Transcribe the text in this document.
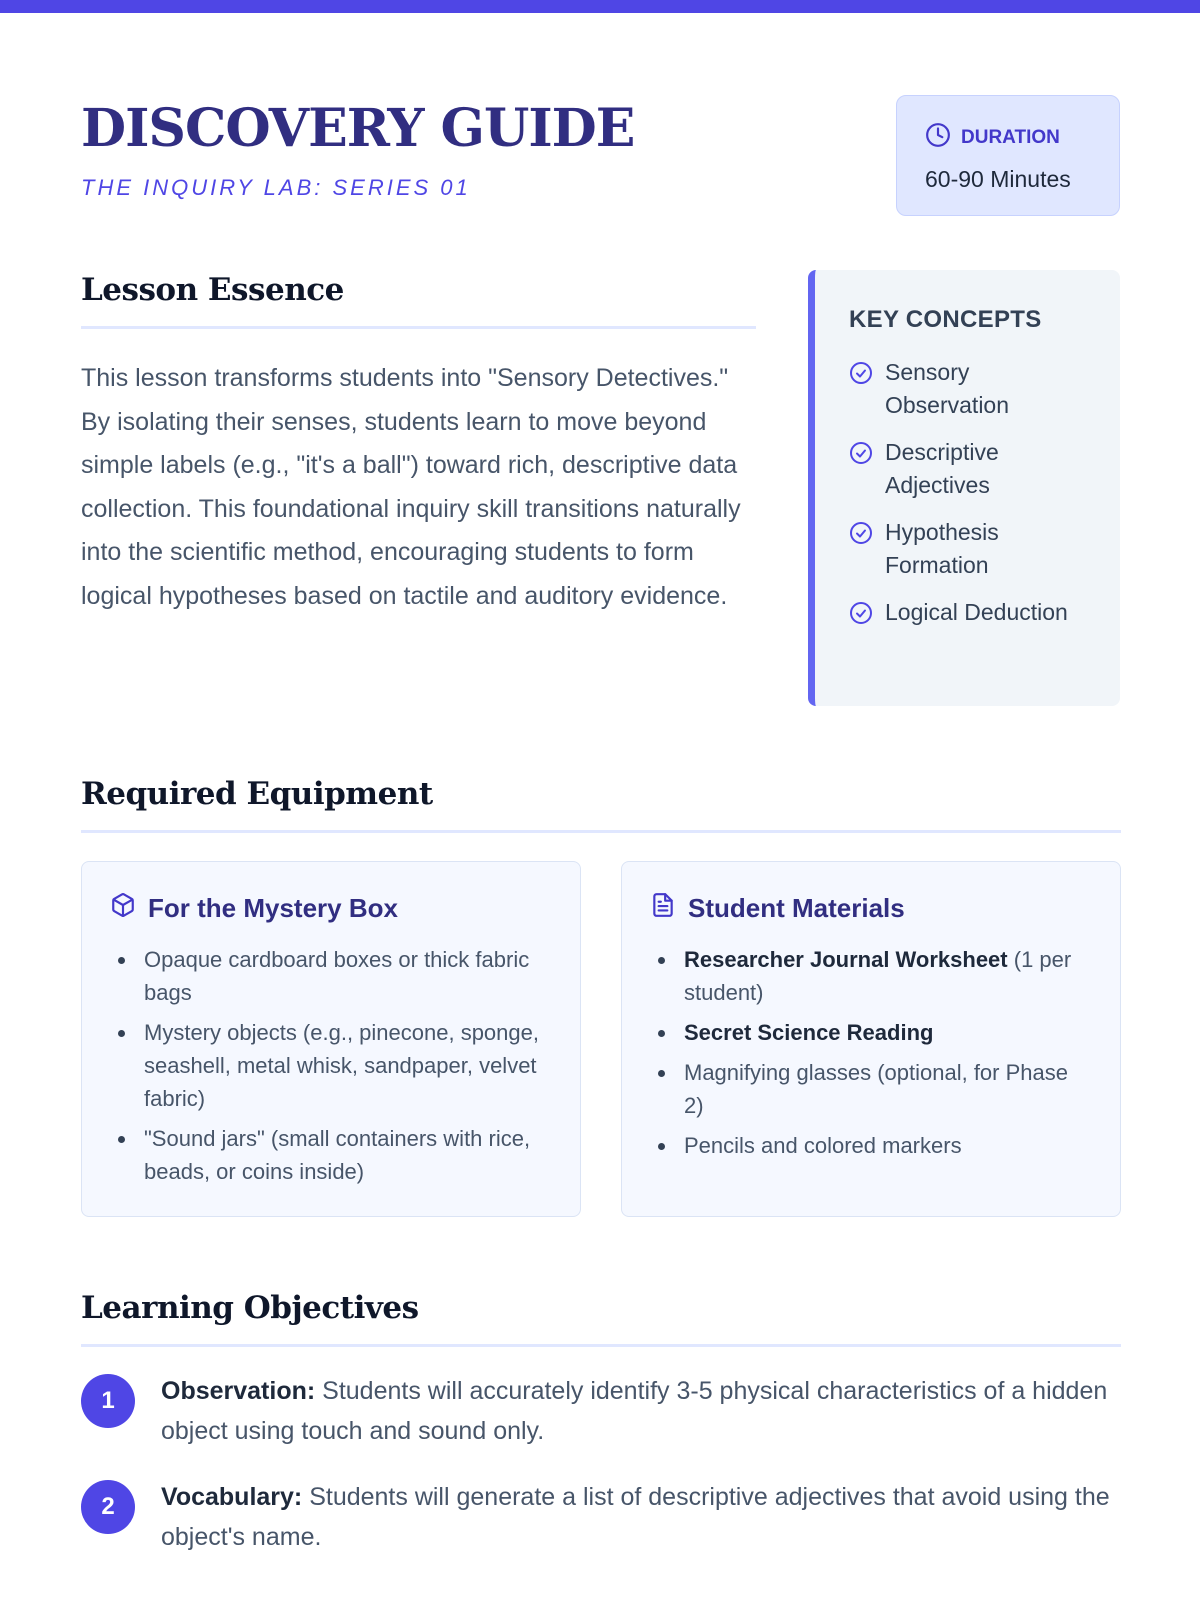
DISCOVERY GUIDE
THE INQUIRY LAB: SERIES 01
DURATION
60-90 Minutes
Lesson Essence

This lesson transforms students into "Sensory Detectives." By isolating their senses, students learn to move beyond simple labels (e.g., "it's a ball") toward rich, descriptive data collection. This foundational inquiry skill transitions naturally into the scientific method, encouraging students to form logical hypotheses based on tactile and auditory evidence.

KEY CONCEPTS
Sensory Observation
Descriptive Adjectives
Hypothesis Formation
Logical Deduction
Required Equipment
For the Mystery Box
Opaque cardboard boxes or thick fabric bags
Mystery objects (e.g., pinecone, sponge, seashell, metal whisk, sandpaper, velvet fabric)
"Sound jars" (small containers with rice, beads, or coins inside)
Student Materials
Researcher Journal Worksheet (1 per student)
Secret Science Reading
Magnifying glasses (optional, for Phase 2)
Pencils and colored markers
Learning Objectives
1	Observation: Students will accurately identify 3-5 physical characteristics of a hidden object using touch and sound only.
2	Vocabulary: Students will generate a list of descriptive adjectives that avoid using the object's name.
